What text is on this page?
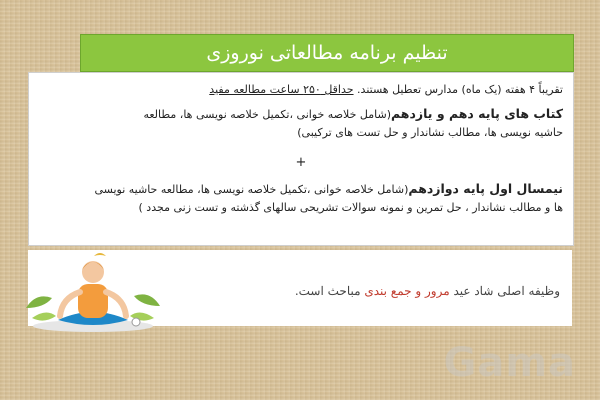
تنظیم برنامه مطالعاتی نوروزی
تقریباً ۴ هفته (یک ماه) مدارس تعطیل هستند. حداقل ۲۵۰ ساعت مطالعه مفید
کتاب های پایه دهم و یازدهم(شامل خلاصه خوانی ،تکمیل خلاصه نویسی ها، مطالعه
حاشیه نویسی ها، مطالب نشاندار و حل تست های ترکیبی)
+
نیمسال اول پایه دوازدهم(شامل خلاصه خوانی ،تکمیل خلاصه نویسی ها، مطالعه حاشیه نویسی
ها و مطالب نشاندار ، حل تمرین و نمونه سوالات تشریحی سالهای گذشته و تست زنی مجدد )
وظیفه اصلی شاد عید مرور و جمع بندی مباحث است.
Gama
